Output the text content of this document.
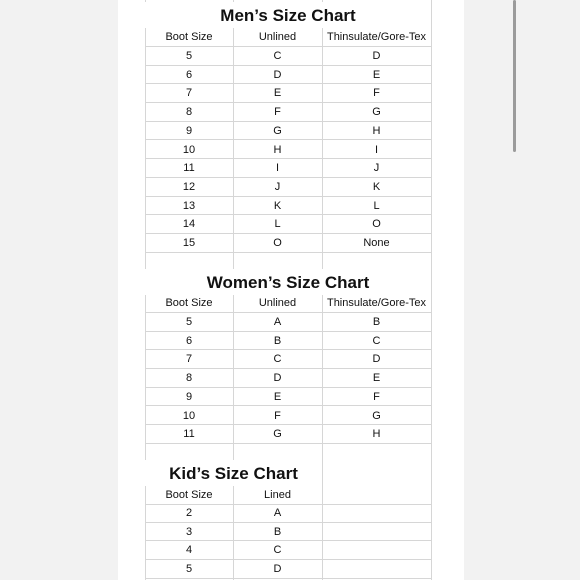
Men’s Size Chart
Boot Size	Unlined	Thinsulate/Gore-Tex
5	C	D
6	D	E
7	E	F
8	F	G
9	G	H
10	H	I
11	I	J
12	J	K
13	K	L
14	L	O
15	O	None
Women’s Size Chart
Boot Size	Unlined	Thinsulate/Gore-Tex
5	A	B
6	B	C
7	C	D
8	D	E
9	E	F
10	F	G
11	G	H
Kid’s Size Chart
Boot Size	Lined
2	A
3	B
4	C
5	D
